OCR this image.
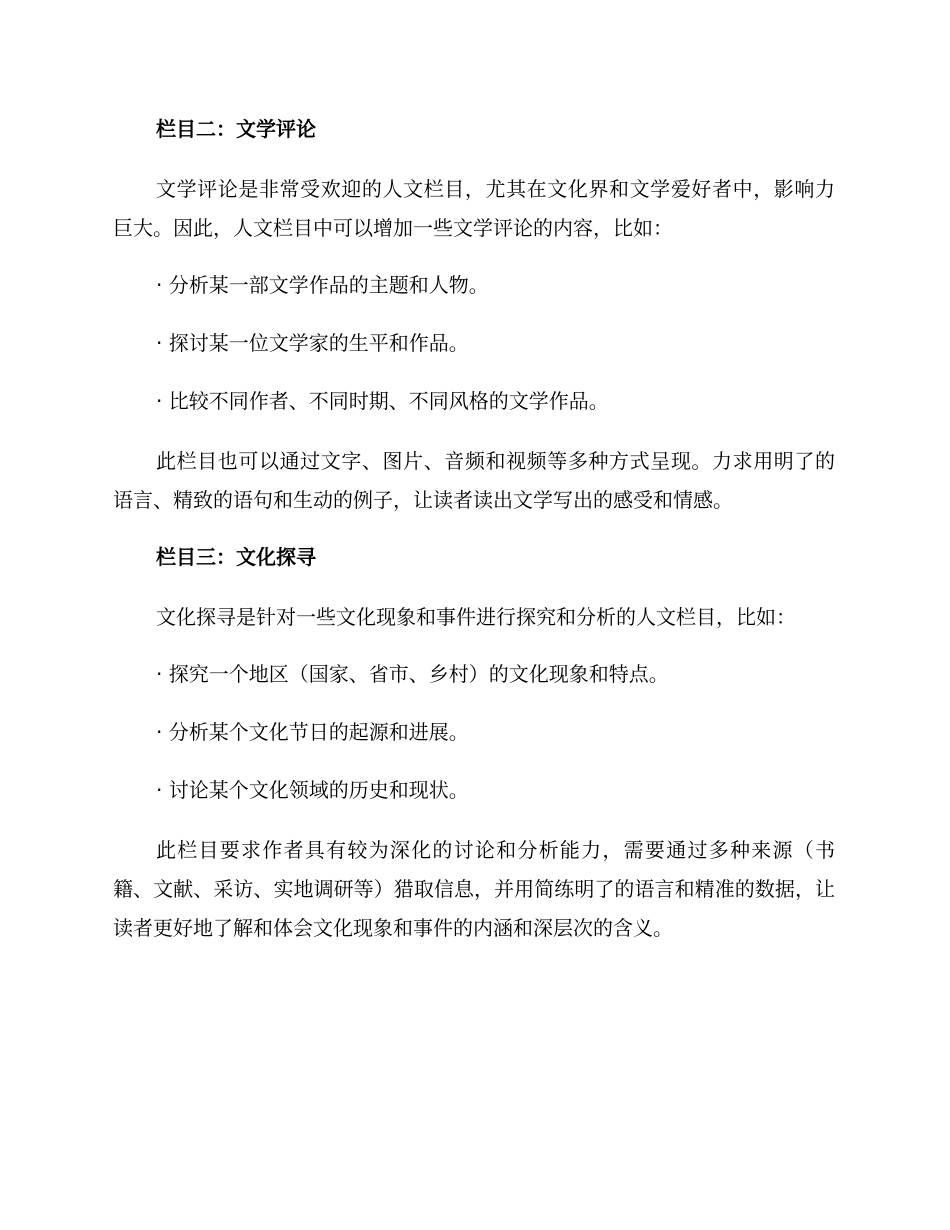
栏目二：文学评论

文学评论是非常受欢迎的人文栏目，尤其在文化界和文学爱好者中，影响力巨大。因此，人文栏目中可以增加一些文学评论的内容，比如：

· 分析某一部文学作品的主题和人物。

· 探讨某一位文学家的生平和作品。

· 比较不同作者、不同时期、不同风格的文学作品。

此栏目也可以通过文字、图片、音频和视频等多种方式呈现。力求用明了的语言、精致的语句和生动的例子，让读者读出文学写出的感受和情感。

栏目三：文化探寻

文化探寻是针对一些文化现象和事件进行探究和分析的人文栏目，比如：

· 探究一个地区（国家、省市、乡村）的文化现象和特点。

· 分析某个文化节日的起源和进展。

· 讨论某个文化领域的历史和现状。

此栏目要求作者具有较为深化的讨论和分析能力，需要通过多种来源（书籍、文献、采访、实地调研等）猎取信息，并用简练明了的语言和精准的数据，让读者更好地了解和体会文化现象和事件的内涵和深层次的含义。
